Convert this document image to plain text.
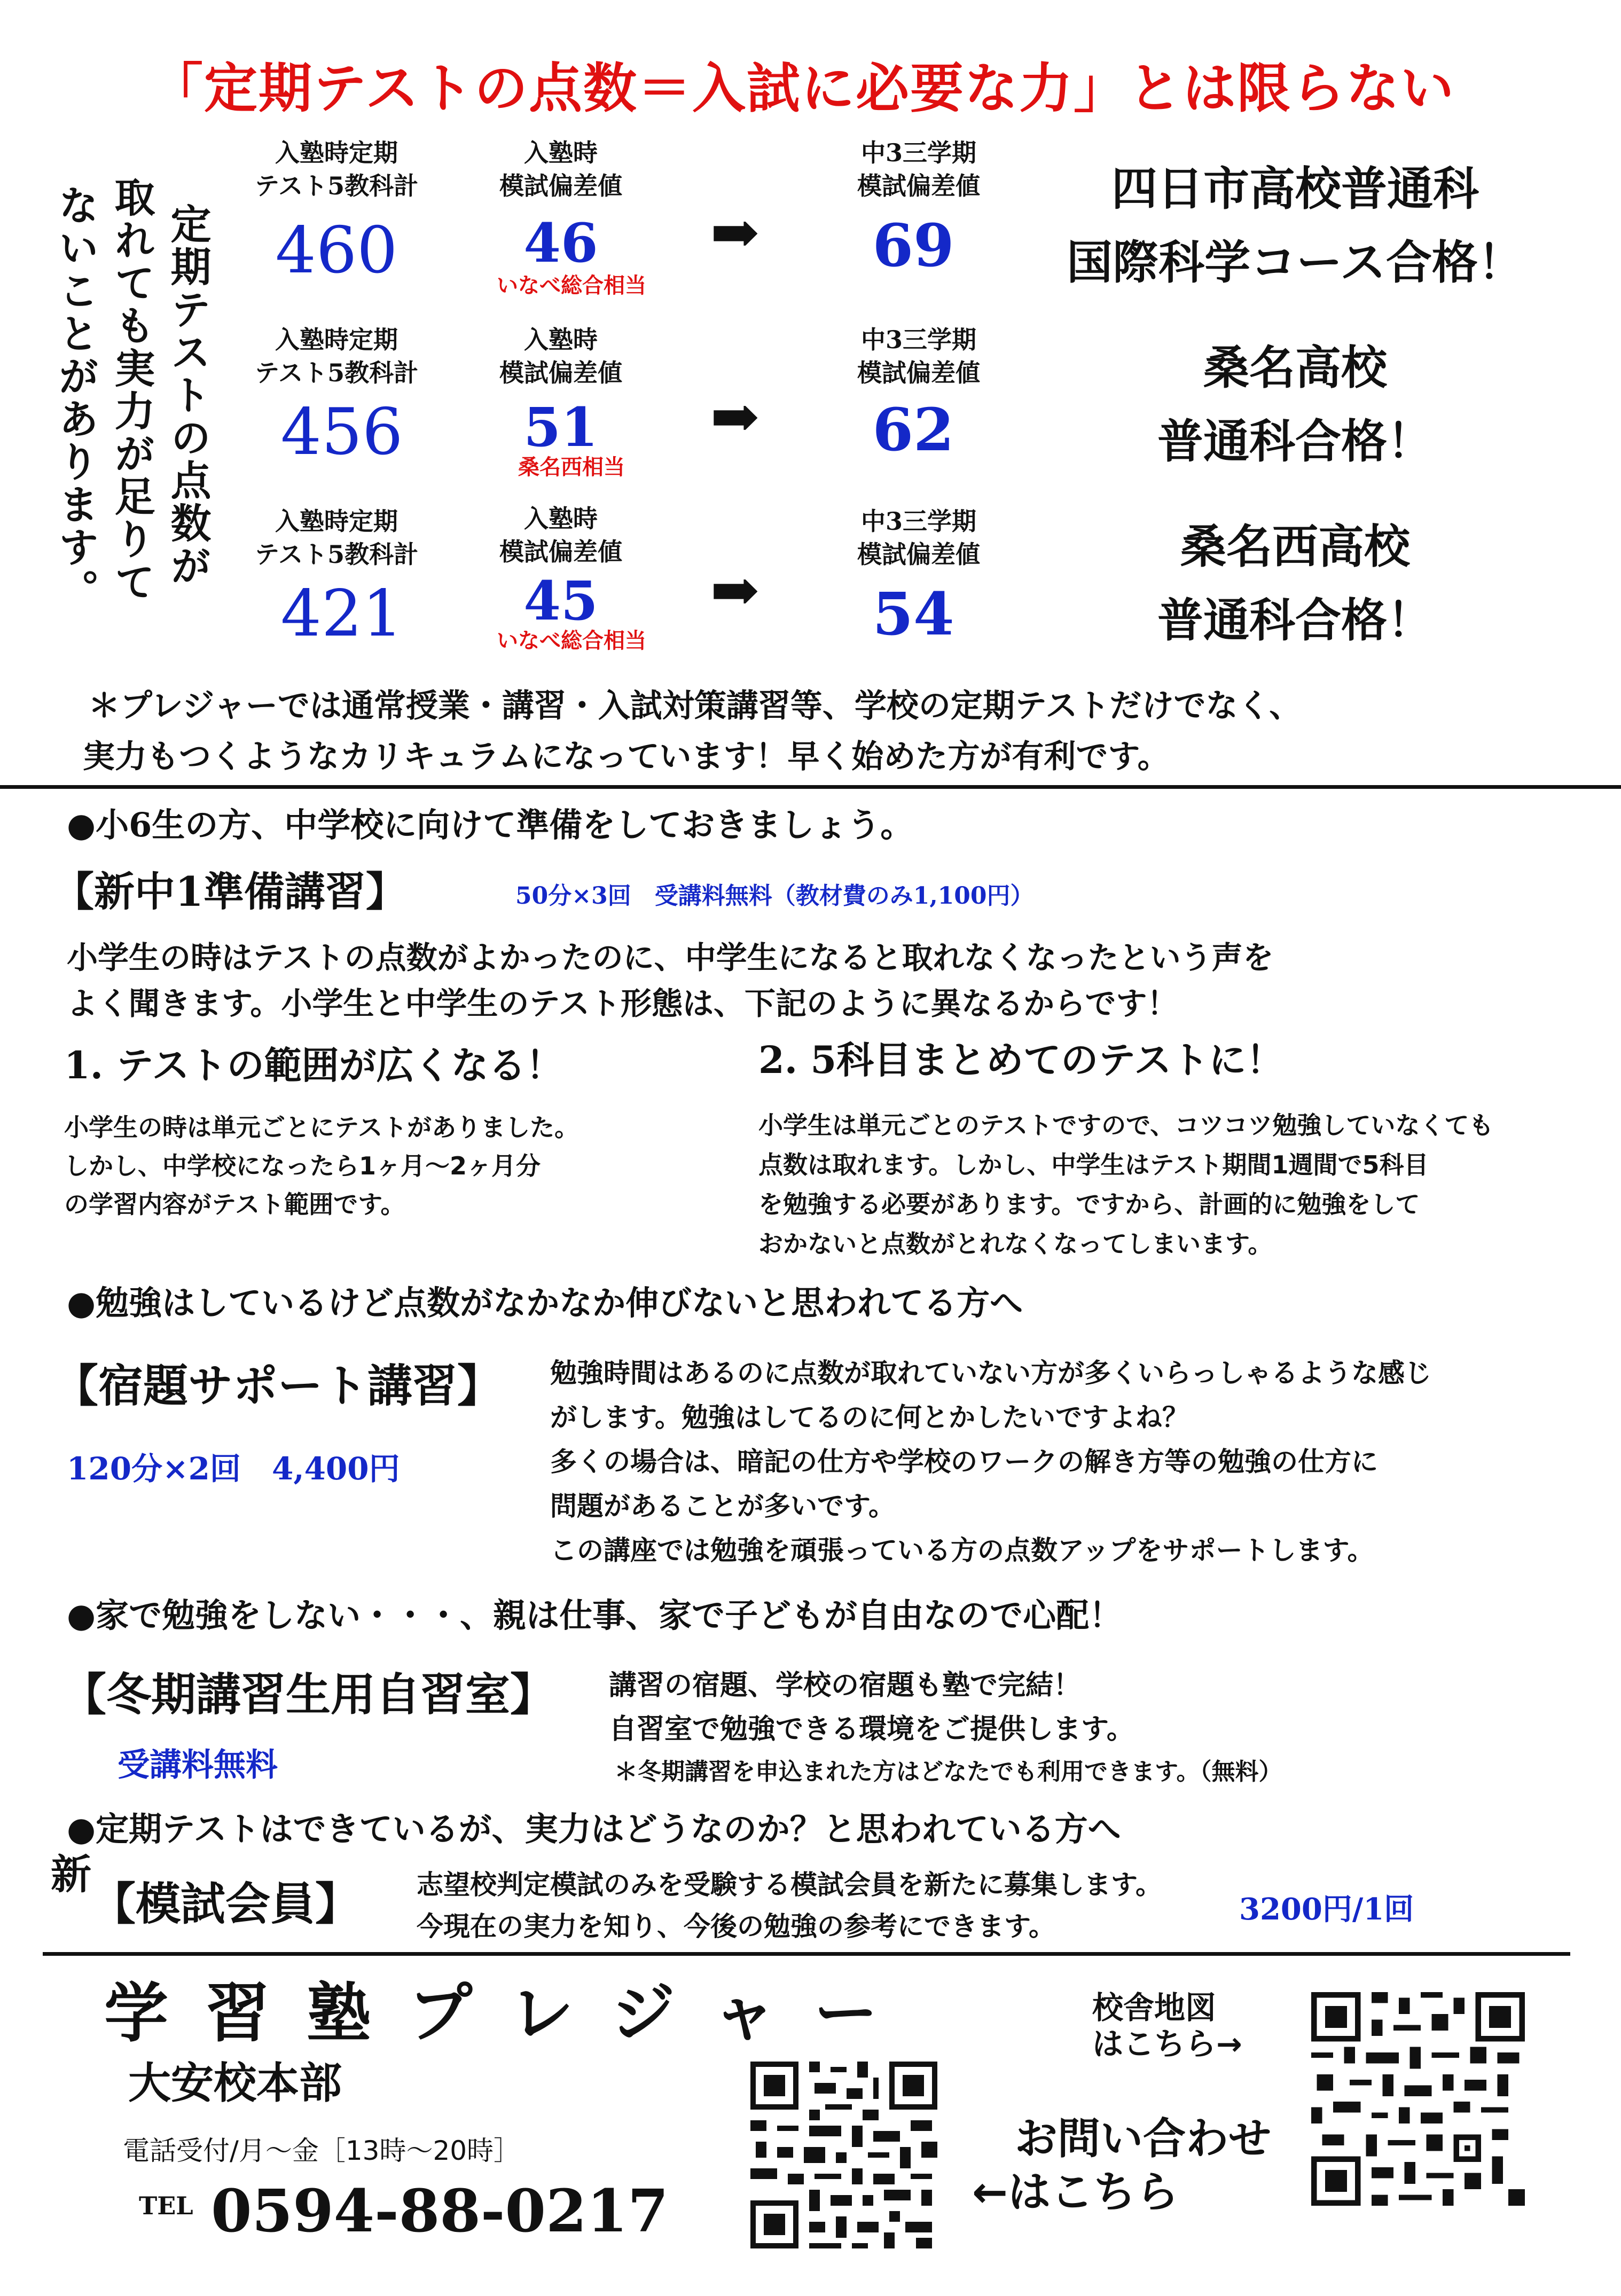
「定期テストの点数＝入試に必要な力」とは限らない
定期テストの点数が
取れても実力が足りて
ないことがあります。
入塾時定期
テスト5教科計
460
入塾時
模試偏差値
46
いなべ総合相当
➡
中3三学期
模試偏差値
69
四日市高校普通科
国際科学コース合格！
入塾時定期
テスト5教科計
456
入塾時
模試偏差値
51
桑名西相当
➡
中3三学期
模試偏差値
62
桑名高校
普通科合格！
入塾時定期
テスト5教科計
421
入塾時
模試偏差値
45
いなべ総合相当
➡
中3三学期
模試偏差値
54
桑名西高校
普通科合格！
＊プレジャーでは通常授業・講習・入試対策講習等、学校の定期テストだけでなく、
実力もつくようなカリキュラムになっています！早く始めた方が有利です。
●小6生の方、中学校に向けて準備をしておきましょう。
【新中1準備講習】	50分×3回　受講料無料（教材費のみ1,100円）
小学生の時はテストの点数がよかったのに、中学生になると取れなくなったという声を
よく聞きます。小学生と中学生のテスト形態は、下記のように異なるからです！
1. テストの範囲が広くなる！
小学生の時は単元ごとにテストがありました。
しかし、中学校になったら1ヶ月〜2ヶ月分
の学習内容がテスト範囲です。
2. 5科目まとめてのテストに！
小学生は単元ごとのテストですので、コツコツ勉強していなくても
点数は取れます。しかし、中学生はテスト期間1週間で5科目
を勉強する必要があります。ですから、計画的に勉強をして
おかないと点数がとれなくなってしまいます。
●勉強はしているけど点数がなかなか伸びないと思われてる方へ
【宿題サポート講習】
120分×2回　4,400円
勉強時間はあるのに点数が取れていない方が多くいらっしゃるような感じ
がします。勉強はしてるのに何とかしたいですよね？
多くの場合は、暗記の仕方や学校のワークの解き方等の勉強の仕方に
問題があることが多いです。
この講座では勉強を頑張っている方の点数アップをサポートします。
●家で勉強をしない・・・、親は仕事、家で子どもが自由なので心配！
【冬期講習生用自習室】
受講料無料
講習の宿題、学校の宿題も塾で完結！
自習室で勉強できる環境をご提供します。
＊冬期講習を申込まれた方はどなたでも利用できます。（無料）
●定期テストはできているが、実力はどうなのか？と思われている方へ
新
【模試会員】 志望校判定模試のみを受験する模試会員を新たに募集します。
今現在の実力を知り、今後の勉強の参考にできます。	3200円/1回
学 習 塾 プ レ ジ ャ ー
大安校本部
電話受付/月〜金［13時〜20時］
TEL 0594-88-0217
お問い合わせ
←はこちら
校舎地図
はこちら→
